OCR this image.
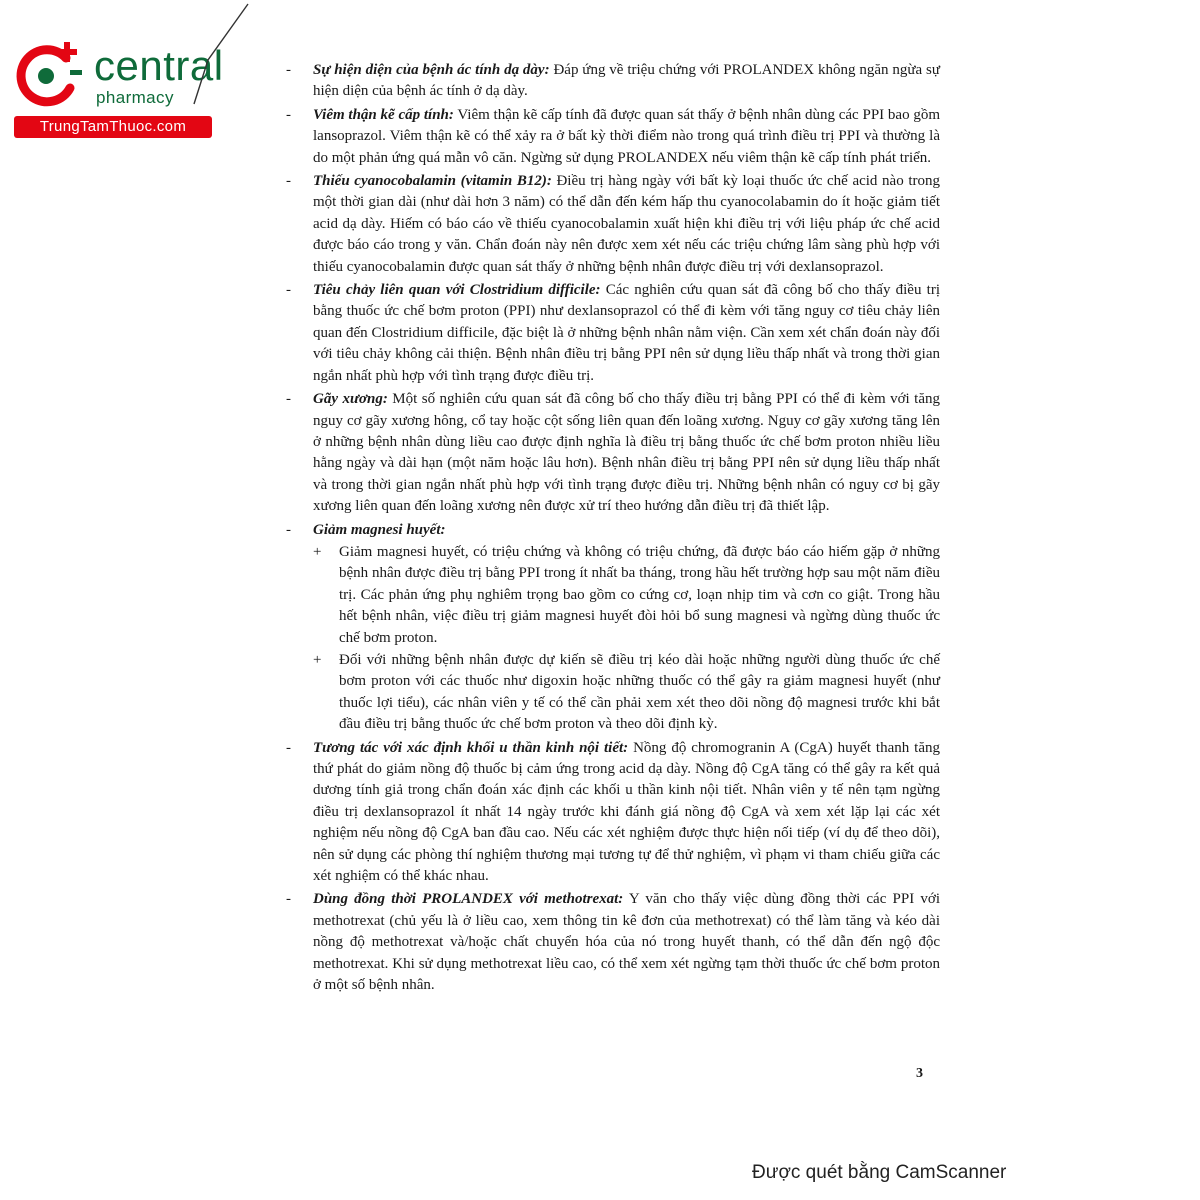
central
pharmacy
TrungTamThuoc.com
- Sự hiện diện của bệnh ác tính dạ dày: Đáp ứng về triệu chứng với PROLANDEX không ngăn ngừa sự hiện diện của bệnh ác tính ở dạ dày.

- Viêm thận kẽ cấp tính: Viêm thận kẽ cấp tính đã được quan sát thấy ở bệnh nhân dùng các PPI bao gồm lansoprazol. Viêm thận kẽ có thể xảy ra ở bất kỳ thời điểm nào trong quá trình điều trị PPI và thường là do một phản ứng quá mẫn vô căn. Ngừng sử dụng PROLANDEX nếu viêm thận kẽ cấp tính phát triển.

- Thiếu cyanocobalamin (vitamin B12): Điều trị hàng ngày với bất kỳ loại thuốc ức chế acid nào trong một thời gian dài (như dài hơn 3 năm) có thể dẫn đến kém hấp thu cyanocolabamin do ít hoặc giảm tiết acid dạ dày. Hiếm có báo cáo về thiếu cyanocobalamin xuất hiện khi điều trị với liệu pháp ức chế acid được báo cáo trong y văn. Chẩn đoán này nên được xem xét nếu các triệu chứng lâm sàng phù hợp với thiếu cyanocobalamin được quan sát thấy ở những bệnh nhân được điều trị với dexlansoprazol.

- Tiêu chảy liên quan với Clostridium difficile: Các nghiên cứu quan sát đã công bố cho thấy điều trị bằng thuốc ức chế bơm proton (PPI) như dexlansoprazol có thể đi kèm với tăng nguy cơ tiêu chảy liên quan đến Clostridium difficile, đặc biệt là ở những bệnh nhân nằm viện. Cần xem xét chẩn đoán này đối với tiêu chảy không cải thiện. Bệnh nhân điều trị bằng PPI nên sử dụng liều thấp nhất và trong thời gian ngắn nhất phù hợp với tình trạng được điều trị.

- Gãy xương: Một số nghiên cứu quan sát đã công bố cho thấy điều trị bằng PPI có thể đi kèm với tăng nguy cơ gãy xương hông, cổ tay hoặc cột sống liên quan đến loãng xương. Nguy cơ gãy xương tăng lên ở những bệnh nhân dùng liều cao được định nghĩa là điều trị bằng thuốc ức chế bơm proton nhiều liều hằng ngày và dài hạn (một năm hoặc lâu hơn). Bệnh nhân điều trị bằng PPI nên sử dụng liều thấp nhất và trong thời gian ngắn nhất phù hợp với tình trạng được điều trị. Những bệnh nhân có nguy cơ bị gãy xương liên quan đến loãng xương nên được xử trí theo hướng dẫn điều trị đã thiết lập.

- Giảm magnesi huyết:

+ Giảm magnesi huyết, có triệu chứng và không có triệu chứng, đã được báo cáo hiếm gặp ở những bệnh nhân được điều trị bằng PPI trong ít nhất ba tháng, trong hầu hết trường hợp sau một năm điều trị. Các phản ứng phụ nghiêm trọng bao gồm co cứng cơ, loạn nhịp tim và cơn co giật. Trong hầu hết bệnh nhân, việc điều trị giảm magnesi huyết đòi hỏi bổ sung magnesi và ngừng dùng thuốc ức chế bơm proton.

+ Đối với những bệnh nhân được dự kiến sẽ điều trị kéo dài hoặc những người dùng thuốc ức chế bơm proton với các thuốc như digoxin hoặc những thuốc có thể gây ra giảm magnesi huyết (như thuốc lợi tiểu), các nhân viên y tế có thể cần phải xem xét theo dõi nồng độ magnesi trước khi bắt đầu điều trị bằng thuốc ức chế bơm proton và theo dõi định kỳ.

- Tương tác với xác định khối u thần kinh nội tiết: Nồng độ chromogranin A (CgA) huyết thanh tăng thứ phát do giảm nồng độ thuốc bị cảm ứng trong acid dạ dày. Nồng độ CgA tăng có thể gây ra kết quả dương tính giả trong chẩn đoán xác định các khối u thần kinh nội tiết. Nhân viên y tế nên tạm ngừng điều trị dexlansoprazol ít nhất 14 ngày trước khi đánh giá nồng độ CgA và xem xét lặp lại các xét nghiệm nếu nồng độ CgA ban đầu cao. Nếu các xét nghiệm được thực hiện nối tiếp (ví dụ để theo dõi), nên sử dụng các phòng thí nghiệm thương mại tương tự để thử nghiệm, vì phạm vi tham chiếu giữa các xét nghiệm có thể khác nhau.

- Dùng đồng thời PROLANDEX với methotrexat: Y văn cho thấy việc dùng đồng thời các PPI với methotrexat (chủ yếu là ở liều cao, xem thông tin kê đơn của methotrexat) có thể làm tăng và kéo dài nồng độ methotrexat và/hoặc chất chuyển hóa của nó trong huyết thanh, có thể dẫn đến ngộ độc methotrexat. Khi sử dụng methotrexat liều cao, có thể xem xét ngừng tạm thời thuốc ức chế bơm proton ở một số bệnh nhân.

3
Được quét bằng CamScanner
